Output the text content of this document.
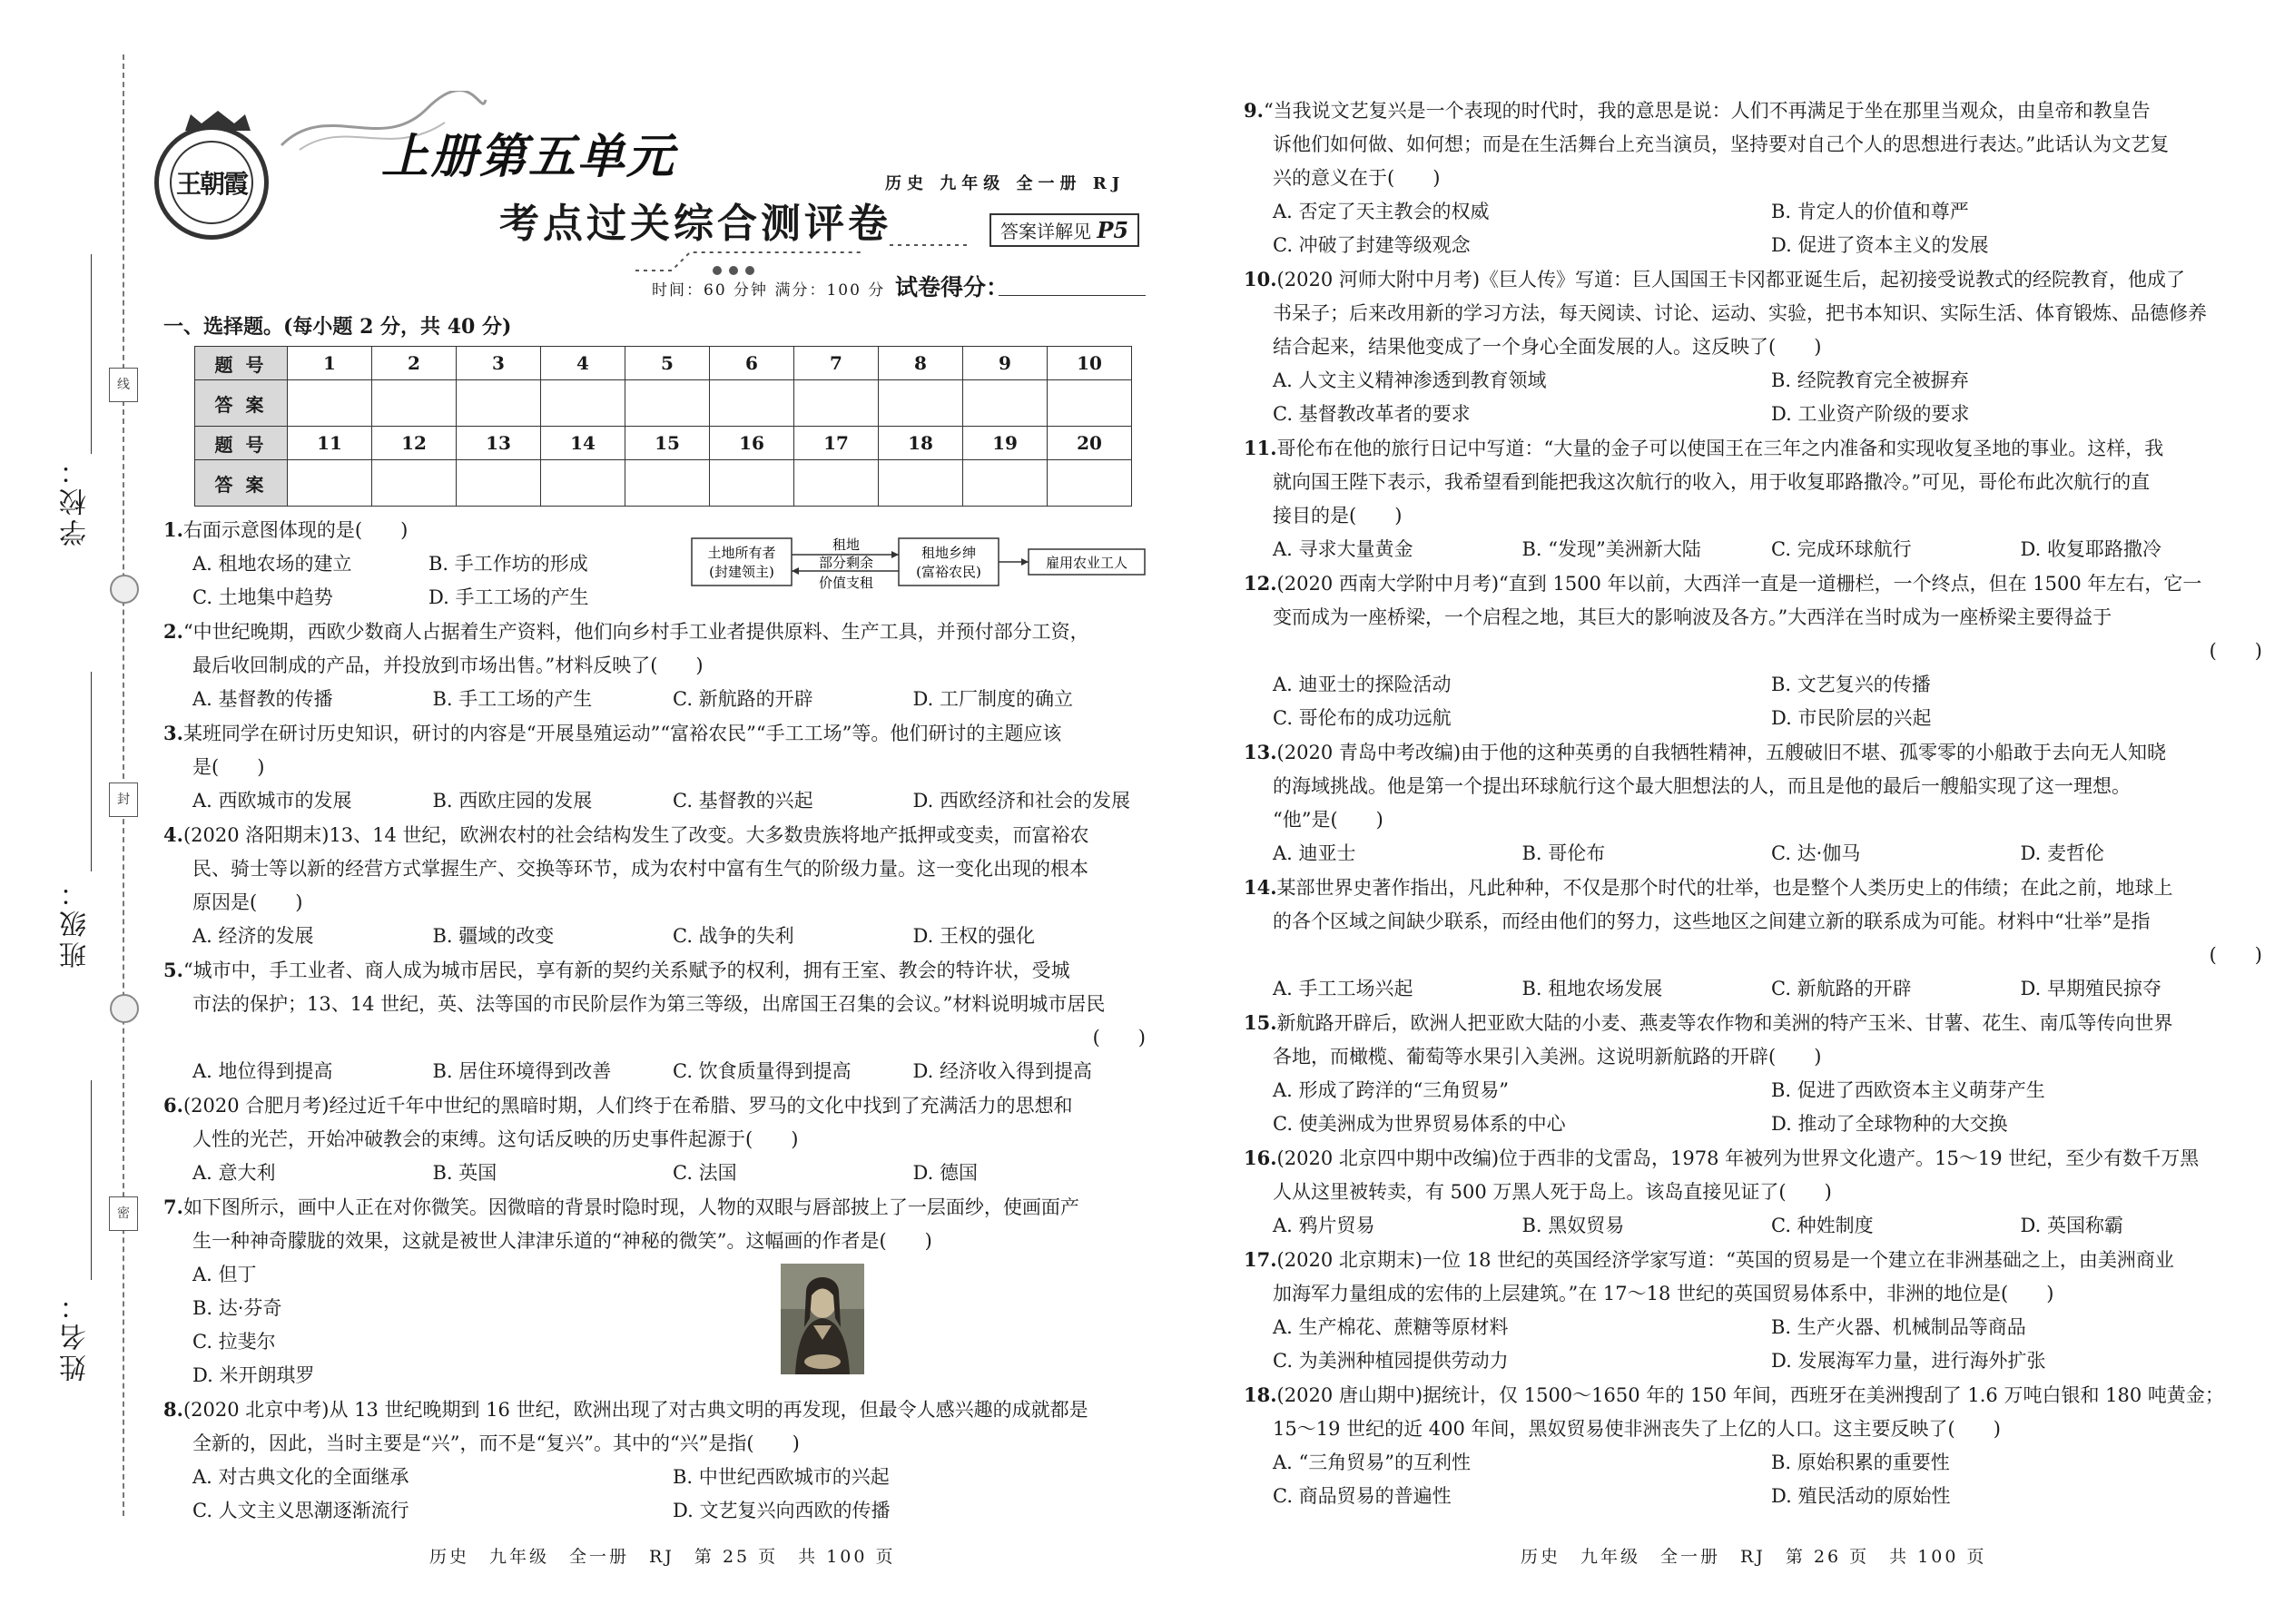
学校：
线
班级：
封
姓名：
密
王朝霞	上册第五单元
考点过关综合测评卷
历史 九年级 全一册 RJ
答案详解见 P5
时间：60 分钟 满分：100 分 试卷得分：
一、选择题。(每小题 2 分，共 40 分)
题号	1	2	3	4	5	6	7	8	9	10
答案										
题号	11	12	13	14	15	16	17	18	19	20
答案										
1.右面示意图体现的是(　　)
A. 租地农场的建立	B. 手工作坊的形成
C. 土地集中趋势	D. 手工工场的产生
2.“中世纪晚期，西欧少数商人占据着生产资料，他们向乡村手工业者提供原料、生产工具，并预付部分工资，
最后收回制成的产品，并投放到市场出售。”材料反映了(　　)
A. 基督教的传播	B. 手工工场的产生	C. 新航路的开辟	D. 工厂制度的确立
3.某班同学在研讨历史知识，研讨的内容是“开展垦殖运动”“富裕农民”“手工工场”等。他们研讨的主题应该
是(　　)
A. 西欧城市的发展	B. 西欧庄园的发展	C. 基督教的兴起	D. 西欧经济和社会的发展
4.(2020 洛阳期末)13、14 世纪，欧洲农村的社会结构发生了改变。大多数贵族将地产抵押或变卖，而富裕农
民、骑士等以新的经营方式掌握生产、交换等环节，成为农村中富有生气的阶级力量。这一变化出现的根本
原因是(　　)
A. 经济的发展	B. 疆域的改变	C. 战争的失利	D. 王权的强化
5.“城市中，手工业者、商人成为城市居民，享有新的契约关系赋予的权利，拥有王室、教会的特许状，受城
市法的保护；13、14 世纪，英、法等国的市民阶层作为第三等级，出席国王召集的会议。”材料说明城市居民
(　　)
A. 地位得到提高	B. 居住环境得到改善	C. 饮食质量得到提高	D. 经济收入得到提高
6.(2020 合肥月考)经过近千年中世纪的黑暗时期，人们终于在希腊、罗马的文化中找到了充满活力的思想和
人性的光芒，开始冲破教会的束缚。这句话反映的历史事件起源于(　　)
A. 意大利	B. 英国	C. 法国	D. 德国
7.如下图所示，画中人正在对你微笑。因微暗的背景时隐时现，人物的双眼与唇部披上了一层面纱，使画面产
生一种神奇朦胧的效果，这就是被世人津津乐道的“神秘的微笑”。这幅画的作者是(　　)
A. 但丁
B. 达·芬奇
C. 拉斐尔
D. 米开朗琪罗
8.(2020 北京中考)从 13 世纪晚期到 16 世纪，欧洲出现了对古典文明的再发现，但最令人感兴趣的成就都是
全新的，因此，当时主要是“兴”，而不是“复兴”。其中的“兴”是指(　　)
A. 对古典文化的全面继承	B. 中世纪西欧城市的兴起
C. 人文主义思潮逐渐流行	D. 文艺复兴向西欧的传播
土地所有者
(封建领主)
租地
部分剩余
价值支租
租地乡绅
(富裕农民)
雇用农业工人
历史　九年级　全一册　RJ　第 25 页　共 100 页
9.“当我说文艺复兴是一个表现的时代时，我的意思是说：人们不再满足于坐在那里当观众，由皇帝和教皇告
诉他们如何做、如何想；而是在生活舞台上充当演员，坚持要对自己个人的思想进行表达。”此话认为文艺复
兴的意义在于(　　)
A. 否定了天主教会的权威	B. 肯定人的价值和尊严
C. 冲破了封建等级观念	D. 促进了资本主义的发展
10.(2020 河师大附中月考)《巨人传》写道：巨人国国王卡冈都亚诞生后，起初接受说教式的经院教育，他成了
书呆子；后来改用新的学习方法，每天阅读、讨论、运动、实验，把书本知识、实际生活、体育锻炼、品德修养
结合起来，结果他变成了一个身心全面发展的人。这反映了(　　)
A. 人文主义精神渗透到教育领域	B. 经院教育完全被摒弃
C. 基督教改革者的要求	D. 工业资产阶级的要求
11.哥伦布在他的旅行日记中写道：“大量的金子可以使国王在三年之内准备和实现收复圣地的事业。这样，我
就向国王陛下表示，我希望看到能把我这次航行的收入，用于收复耶路撒冷。”可见，哥伦布此次航行的直
接目的是(　　)
A. 寻求大量黄金	B. “发现”美洲新大陆	C. 完成环球航行	D. 收复耶路撒冷
12.(2020 西南大学附中月考)“直到 1500 年以前，大西洋一直是一道栅栏，一个终点，但在 1500 年左右，它一
变而成为一座桥梁，一个启程之地，其巨大的影响波及各方。”大西洋在当时成为一座桥梁主要得益于
(　　)
A. 迪亚士的探险活动	B. 文艺复兴的传播
C. 哥伦布的成功远航	D. 市民阶层的兴起
13.(2020 青岛中考改编)由于他的这种英勇的自我牺牲精神，五艘破旧不堪、孤零零的小船敢于去向无人知晓
的海域挑战。他是第一个提出环球航行这个最大胆想法的人，而且是他的最后一艘船实现了这一理想。
“他”是(　　)
A. 迪亚士	B. 哥伦布	C. 达·伽马	D. 麦哲伦
14.某部世界史著作指出，凡此种种，不仅是那个时代的壮举，也是整个人类历史上的伟绩；在此之前，地球上
的各个区域之间缺少联系，而经由他们的努力，这些地区之间建立新的联系成为可能。材料中“壮举”是指
(　　)
A. 手工工场兴起	B. 租地农场发展	C. 新航路的开辟	D. 早期殖民掠夺
15.新航路开辟后，欧洲人把亚欧大陆的小麦、燕麦等农作物和美洲的特产玉米、甘薯、花生、南瓜等传向世界
各地，而橄榄、葡萄等水果引入美洲。这说明新航路的开辟(　　)
A. 形成了跨洋的“三角贸易”	B. 促进了西欧资本主义萌芽产生
C. 使美洲成为世界贸易体系的中心	D. 推动了全球物种的大交换
16.(2020 北京四中期中改编)位于西非的戈雷岛，1978 年被列为世界文化遗产。15～19 世纪，至少有数千万黑
人从这里被转卖，有 500 万黑人死于岛上。该岛直接见证了(　　)
A. 鸦片贸易	B. 黑奴贸易	C. 种姓制度	D. 英国称霸
17.(2020 北京期末)一位 18 世纪的英国经济学家写道：“英国的贸易是一个建立在非洲基础之上，由美洲商业
加海军力量组成的宏伟的上层建筑。”在 17～18 世纪的英国贸易体系中，非洲的地位是(　　)
A. 生产棉花、蔗糖等原材料	B. 生产火器、机械制品等商品
C. 为美洲种植园提供劳动力	D. 发展海军力量，进行海外扩张
18.(2020 唐山期中)据统计，仅 1500～1650 年的 150 年间，西班牙在美洲搜刮了 1.6 万吨白银和 180 吨黄金；
15～19 世纪的近 400 年间，黑奴贸易使非洲丧失了上亿的人口。这主要反映了(　　)
A. “三角贸易”的互利性	B. 原始积累的重要性
C. 商品贸易的普遍性	D. 殖民活动的原始性
历史　九年级　全一册　RJ　第 26 页　共 100 页
